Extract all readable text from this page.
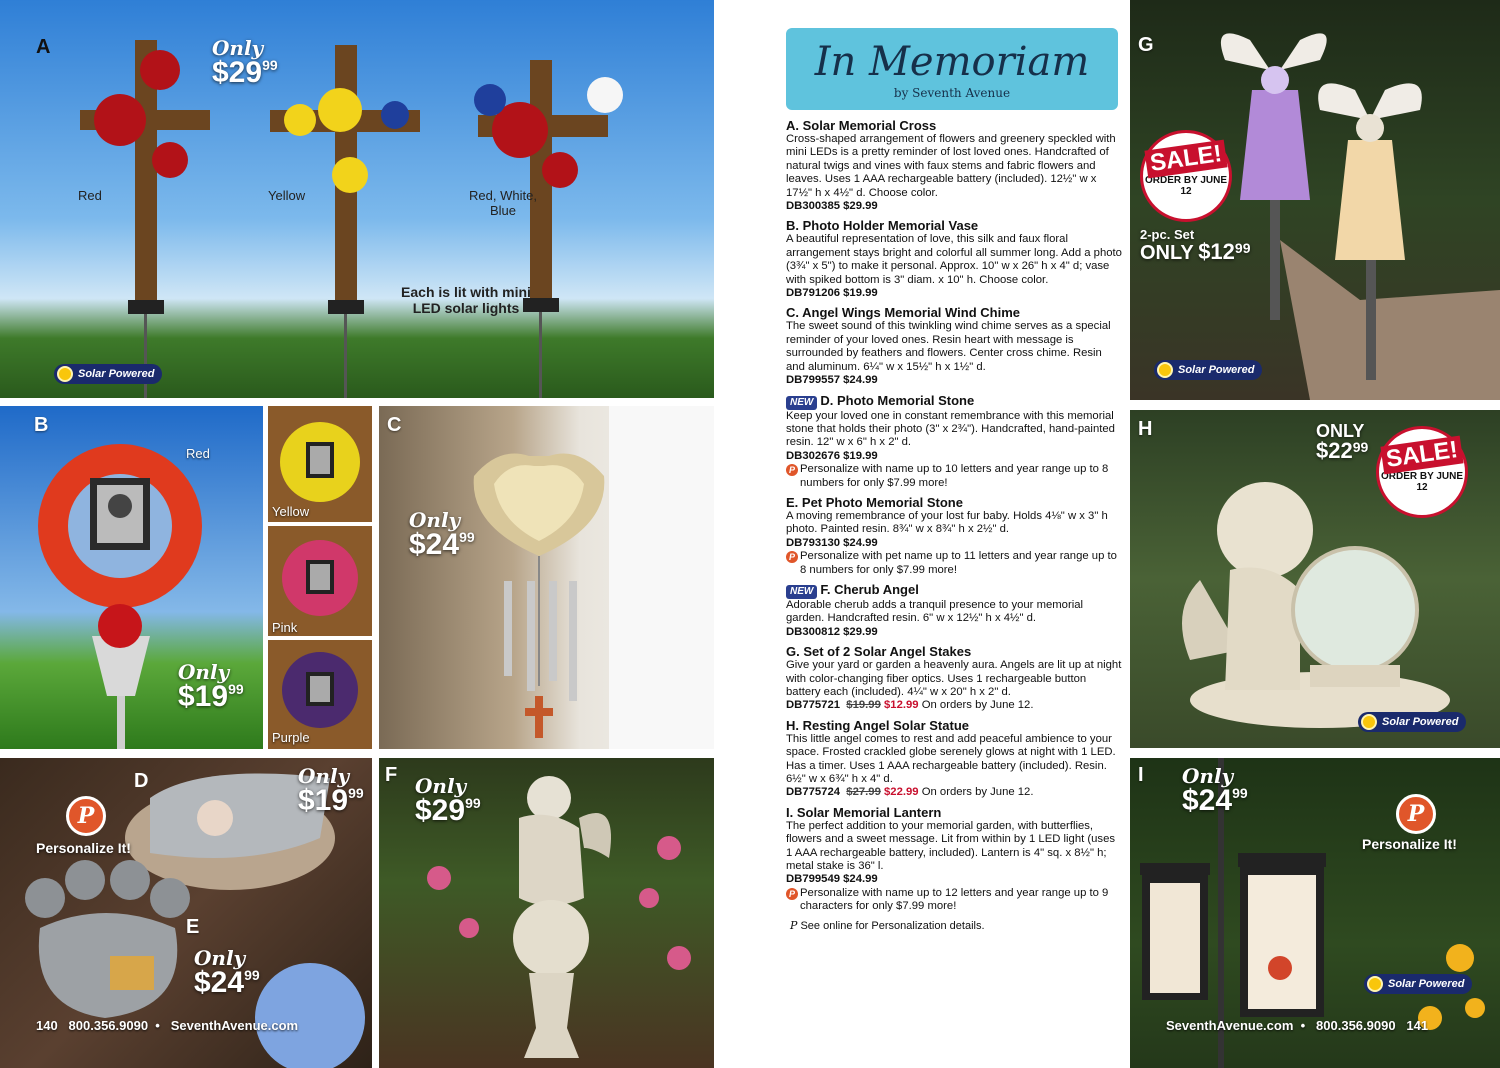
A	Only
$\$29^{99}$
Red	Yellow	Red, White, Blue
Each is lit with mini LED solar lights
Solar Powered
B
Red
Only
$\$19^{99}$
Yellow
Pink
Purple
C
Only
$\$24^{99}$
D	Only
$\$19^{99}$
P
Personalize It!
E
Only
$\$24^{99}$
140 800.356.9090  •   SeventhAvenue.com
F Only
$\$29^{99}$
In Memoriam
by Seventh Avenue
A. Solar Memorial Cross
Cross-shaped arrangement of flowers and greenery speckled with mini LEDs is a pretty reminder of lost loved ones. Handcrafted of natural twigs and vines with faux stems and fabric flowers and leaves. Uses 1 AAA rechargeable battery (included). 12½" w x 17½" h x 4½" d. Choose color.
DB300385 $29.99
B. Photo Holder Memorial Vase
A beautiful representation of love, this silk and faux floral arrangement stays bright and colorful all summer long. Add a photo (3¾" x 5") to make it personal. Approx. 10" w x 26" h x 4" d; vase with spiked bottom is 3" diam. x 10" h. Choose color.
DB791206 $19.99
C. Angel Wings Memorial Wind Chime
The sweet sound of this twinkling wind chime serves as a special reminder of your loved ones. Resin heart with message is surrounded by feathers and flowers. Center cross chime. Resin and aluminum. 6¼" w x 15½" h x 1½" d.
DB799557 $24.99
NEW D. Photo Memorial Stone
Keep your loved one in constant remembrance with this memorial stone that holds their photo (3" x 2¾"). Handcrafted, hand-painted resin. 12" w x 6" h x 2" d.
DB302676 $19.99
P Personalize with name up to 10 letters and year range up to 8 numbers for only $7.99 more!
E. Pet Photo Memorial Stone
A moving remembrance of your lost fur baby. Holds 4⅛" w x 3" h photo. Painted resin. 8¾" w x 8¾" h x 2½" d.
DB793130 $24.99
P Personalize with pet name up to 11 letters and year range up to 8 numbers for only $7.99 more!
NEW F. Cherub Angel
Adorable cherub adds a tranquil presence to your memorial garden. Handcrafted resin. 6" w x 12½" h x 4½" d.
DB300812 $29.99
G. Set of 2 Solar Angel Stakes
Give your yard or garden a heavenly aura. Angels are lit up at night with color-changing fiber optics. Uses 1 rechargeable button battery each (included). 4¼" w x 20" h x 2" d.
DB775721 $19.99 $12.99 On orders by June 12.
H. Resting Angel Solar Statue
This little angel comes to rest and add peaceful ambience to your space. Frosted crackled globe serenely glows at night with 1 LED. Has a timer. Uses 1 AAA rechargeable battery (included). Resin. 6½" w x 6¾" h x 4" d.
DB775724 $27.99 $22.99 On orders by June 12.
I. Solar Memorial Lantern
The perfect addition to your memorial garden, with butterflies, flowers and a sweet message. Lit from within by 1 LED light (uses 1 AAA rechargeable battery, included). Lantern is 4" sq. x 8½" h; metal stake is 36" l.
DB799549 $24.99
P Personalize with name up to 12 letters and year range up to 9 characters for only $7.99 more!
P See online for Personalization details.
G
SALE!
ORDER BY JUNE 12
2-pc. Set
ONLY $\$12^{99}$
Solar Powered
H	ONLY
$\$22^{99}$ SALE!
ORDER BY JUNE 12
Solar Powered
I Only
$\$24^{99}$
P
Personalize It!
Solar Powered
SeventhAvenue.com  •   800.356.9090 141
